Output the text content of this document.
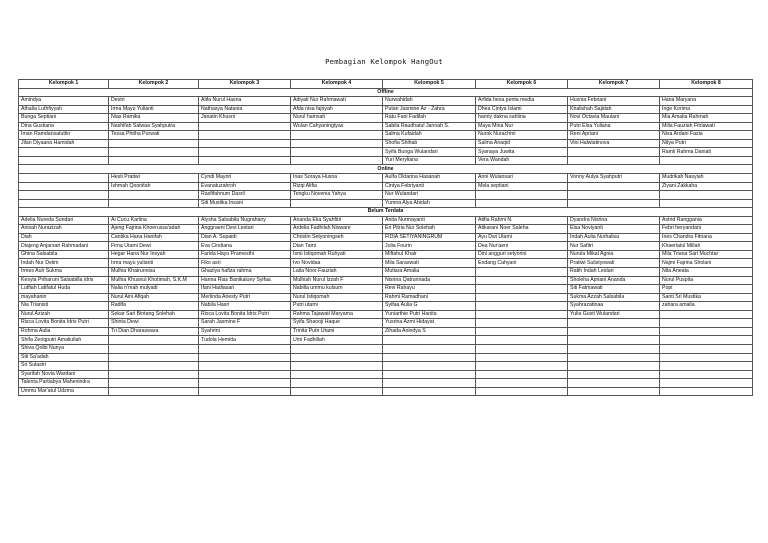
Pembagian Kelompok HangOut
Kelompok 1	Kelompok 2	Kelompok 3	Kelompok 4	Kelompok 5	Kelompok 6	Kelompok 7	Kelompok 8
Offline							
Amindya	Destri	Alifa Nurul Hasna	Adiyati Nur Rahmawati	Nurwahidah	Arfida hesa penta media	Husnia Febriani	Hana Maryana
Athalia Luthfiyyah	Irma Mayu Yulianti	Nathasya Natania	Afda nisa fajriyah	Putan Jasmine Az - Zahra	Dhea Cintya Islami	Khalishah Sajidah	Inge Korima
Bunga Septiani	Nias Ramika	Janatin Khusni	Nurul hamsah	Ratu Fani Fadilah	hanny dakna sahlina	Novi Octavia Maulani	Mia Amalia Rahmah
Dina Gustiana	Nashifah Salwaa Syahputra		Wulan Cahyaningtyas	Sabila Raudhatul Jannah S.	Maya Mina Nur	Putri Elsa Yuliana	Milla Fauziah Fitriawati
Iman Ramdansatuttin	Tessa Phitha Purwati			Salma Kufaidah	Nurok Nurachmi	Reni Apriani	Nisa Ardani Fazia
Jilan Diyaana Hamidah				Shofia Shihab	Salma Anaqid	Vini Halwiatinova	Nitya Putri
				Syifa Bunga Wulandari	Syanaya Juwita		Ramli Rahma Daniati
				Yuri Meryliana	Vera Wandah		
Online							
	Hesti Pratiwi	Cyndi Mayori	Inas Soraya Husna	Aulfa Oktarina Hasanah	Anni Wulansari	Vonny Aulya Syahputri	Mudrikah Nasyiah
	Ishmah Qoonitah	Evanatuzahroh	Rizqi Alifia	Cintya Febriyanti	Mela septiani		Ziyani Zakkaha
		Rasfifahnum Dasril	Tengku Novenia Yahya	Nur Wulandari			
		Siti Mustika Insani		Yumna Alya Abidah			
Belum Terdata							
Adelia Nureda Sundari	Ai Cucu Karlina	Alysha Salsabila Nugrahany	Ananda Eka Syahfitri	Anita Nurmayanti	Atifia Rahmi N.	Dyandra Nisrina	Astrid Ranggania
Anisah Nurazizah	Ajeng Fajrina Khoerussa'adah	Anggraeni Devi Lestari	Ardelia Fadhilah Nisware	Eri Pitria Nur Solehah	Atikarani Noer Saleha	Elsa Noviyanti	Febri heryandani
Diah	Cantika Hana Hanifah	Dian A. Supaidi	Christin Setyoningseh	FIDIA SETIYANINGRUM	Ayu Dwi Utami	Indah Aulia Nurhalisa	Ines Chandra Fitriana
Diajeng Anjarsari Rahmadani	Firna Utami Dewi	Eva Cindiana	Dian Tami	Julia Fourin	Dea Nur'aeni	Nur Safitri	Khaerlatul Millah
Ghina Salsabila	Hegar Hana Nur Insyah	Farida Hayu Pramesthi	Ismi Istiqomah Ruhyati	Miftahul Khair	Dini angguri setyorini	Nurula Mikal Agnia	Mila Triana Sari Muchtar
Indah Nur Delim	Irma mayu yulianti	Fiko asri	Ivo Novidaa	Mila Saraswati	Endang Cahyani	Pratiwi Sulistyowati	Najmi Fajrina Sholani
Irmes Aulr Sukma	Mulhia Khairunnisa	Ghaziya hafiza rahma	Laila Noor Fauziah	Mutiara Amalia		Ratih Indah Lestari	Nita Aneata
Kesyia Priharuni Salsabilla idris	Mulhia Khusnul Khotimah, S.K.M	Hanna Rias Banikaluey Syifaa	Mulhiah Nurul Izzah F	Nisrina Qatrunnada		Sholeha Apriani Ananda	Nurul Puspita
Lutfiah Latifatul Huda	Nalia n'mah mulyadi	Ifani Hadiasari	Nabilla ummu kulsum	Revi Rahayu		Siti Fatmawati	Popi
mayahanin	Nurul Aini Afiqah	Merlinda Ariesty Putri	Nurul Istiqomah	Rahmi Ramadhani		Sukma Azzah Salsabila	Santi Sri Mustika
Nia Trianisti	Radifa	Nabila Hasri	Putri utami	Syifaa Aulia G		Syahrazatinaa	zahara amalia
Nurul Azizah	Sekar Sari Bintang Solehah	Risca Lovita Bonita Idris Putri	Rahma Tajawati Maryama	Yuniarthie Putri Hanita		Yulia Gusti Wulandari	
Risca Lovita Bonita Idris Putri	Shinta Dewi	Sarah Jasmine F	Syifa Shaooji Haque	Yusrina Azmi Hidayat			
Rohma Aulia	Tri Dian Dharaswara	Syahrini	Trinita Putri Utami	Zihada Anindya S			
Shifa Zeriqputri Amaliullah		Tudola Hemida	Umi Fadhillah				
Shiva Qolbi Nunya							
Siti Sa'adah							
Sri Sulastri							
Syarifah Novia Wardani							
Talenta Partiabya Mahenindra							
Ummu Mar'atul Udzma							
